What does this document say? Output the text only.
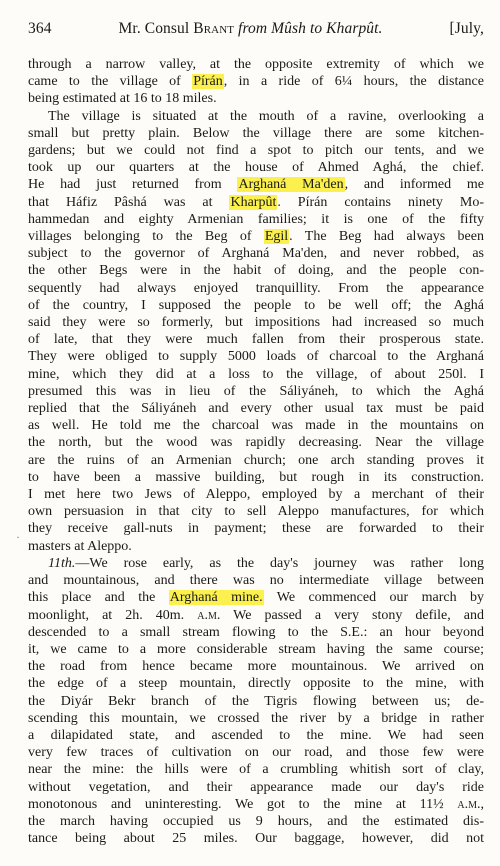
364	Mr. Consul Brant from Mûsh to Kharpût.	[July,
·
through a narrow valley, at the opposite extremity of which we
came to the village of Pírán, in a ride of 6¼ hours, the distance
being estimated at 16 to 18 miles.
The village is situated at the mouth of a ravine, overlooking a
small but pretty plain. Below the village there are some kitchen-
gardens; but we could not find a spot to pitch our tents, and we
took up our quarters at the house of Ahmed Aghá, the chief.
He had just returned from Arghaná Ma'den, and informed me
that Háfiz Pâshá was at Kharpût. Pírán contains ninety Mo-
hammedan and eighty Armenian families; it is one of the fifty
villages belonging to the Beg of Egil. The Beg had always been
subject to the governor of Arghaná Ma'den, and never robbed, as
the other Begs were in the habit of doing, and the people con-
sequently had always enjoyed tranquillity. From the appearance
of the country, I supposed the people to be well off; the Aghá
said they were so formerly, but impositions had increased so much
of late, that they were much fallen from their prosperous state.
They were obliged to supply 5000 loads of charcoal to the Arghaná
mine, which they did at a loss to the village, of about 250l. I
presumed this was in lieu of the Sáliyáneh, to which the Aghá
replied that the Sáliyáneh and every other usual tax must be paid
as well. He told me the charcoal was made in the mountains on
the north, but the wood was rapidly decreasing. Near the village
are the ruins of an Armenian church; one arch standing proves it
to have been a massive building, but rough in its construction.
I met here two Jews of Aleppo, employed by a merchant of their
own persuasion in that city to sell Aleppo manufactures, for which
they receive gall-nuts in payment; these are forwarded to their
masters at Aleppo.
11th.—We rose early, as the day's journey was rather long
and mountainous, and there was no intermediate village between
this place and the Arghaná mine. We commenced our march by
moonlight, at 2h. 40m. a.m. We passed a very stony defile, and
descended to a small stream flowing to the S.E.: an hour beyond
it, we came to a more considerable stream having the same course;
the road from hence became more mountainous. We arrived on
the edge of a steep mountain, directly opposite to the mine, with
the Diyár Bekr branch of the Tigris flowing between us; de-
scending this mountain, we crossed the river by a bridge in rather
a dilapidated state, and ascended to the mine. We had seen
very few traces of cultivation on our road, and those few were
near the mine: the hills were of a crumbling whitish sort of clay,
without vegetation, and their appearance made our day's ride
monotonous and uninteresting. We got to the mine at 11½ a.m.,
the march having occupied us 9 hours, and the estimated dis-
tance being about 25 miles. Our baggage, however, did not
